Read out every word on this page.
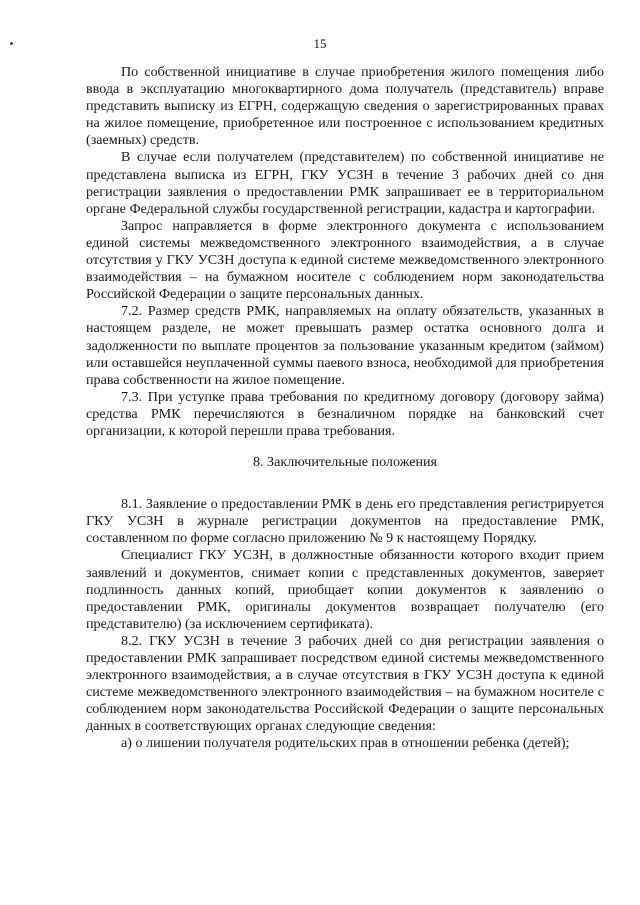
15

По собственной инициативе в случае приобретения жилого помещения либо ввода в эксплуатацию многоквартирного дома получатель (представитель) вправе представить выписку из ЕГРН, содержащую сведения о зарегистрированных правах на жилое помещение, приобретенное или построенное с использованием кредитных (заемных) средств.

В случае если получателем (представителем) по собственной инициативе не представлена выписка из ЕГРН, ГКУ УСЗН в течение 3 рабочих дней со дня регистрации заявления о предоставлении РМК запрашивает ее в территориальном органе Федеральной службы государственной регистрации, кадастра и картографии.

Запрос направляется в форме электронного документа с использованием единой системы межведомственного электронного взаимодействия, а в случае отсутствия у ГКУ УСЗН доступа к единой системе межведомственного электронного взаимодействия – на бумажном носителе с соблюдением норм законодательства Российской Федерации о защите персональных данных.

7.2. Размер средств РМК, направляемых на оплату обязательств, указанных в настоящем разделе, не может превышать размер остатка основного долга и задолженности по выплате процентов за пользование указанным кредитом (займом) или оставшейся неуплаченной суммы паевого взноса, необходимой для приобретения права собственности на жилое помещение.

7.3. При уступке права требования по кредитному договору (договору займа) средства РМК перечисляются в безналичном порядке на банковский счет организации, к которой перешли права требования.

8. Заключительные положения

8.1. Заявление о предоставлении РМК в день его представления регистрируется ГКУ УСЗН в журнале регистрации документов на предоставление РМК, составленном по форме согласно приложению № 9 к настоящему Порядку.

Специалист ГКУ УСЗН, в должностные обязанности которого входит прием заявлений и документов, снимает копии с представленных документов, заверяет подлинность данных копий, приобщает копии документов к заявлению о предоставлении РМК, оригиналы документов возвращает получателю (его представителю) (за исключением сертификата).

8.2. ГКУ УСЗН в течение 3 рабочих дней со дня регистрации заявления о предоставлении РМК запрашивает посредством единой системы межведомственного электронного взаимодействия, а в случае отсутствия в ГКУ УСЗН доступа к единой системе межведомственного электронного взаимодействия – на бумажном носителе с соблюдением норм законодательства Российской Федерации о защите персональных данных в соответствующих органах следующие сведения:

а) о лишении получателя родительских прав в отношении ребенка (детей);
